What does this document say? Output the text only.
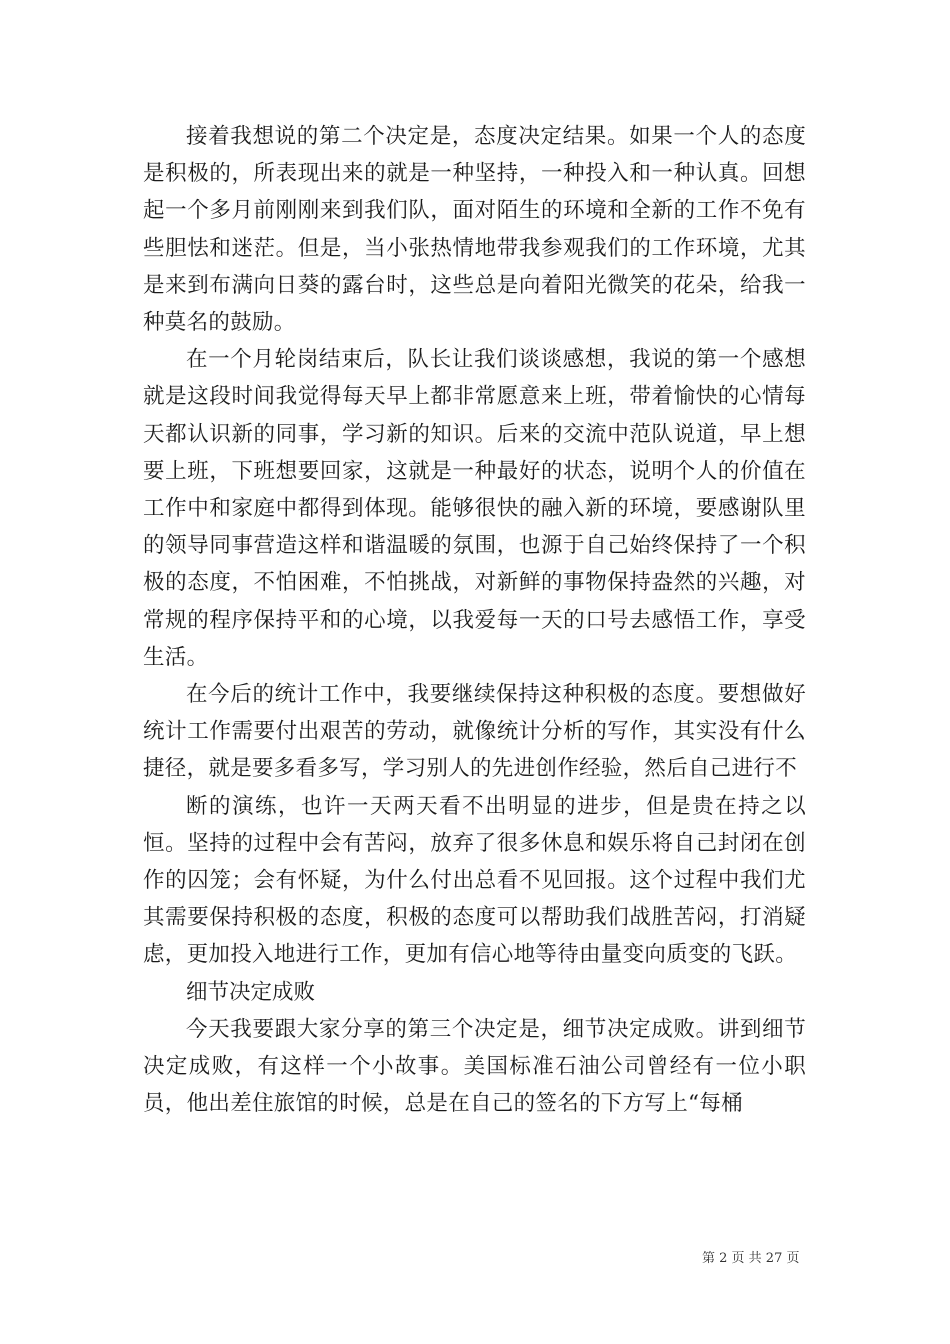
接着我想说的第二个决定是，态度决定结果。如果一个人的态度是积极的，所表现出来的就是一种坚持，一种投入和一种认真。回想起一个多月前刚刚来到我们队，面对陌生的环境和全新的工作不免有些胆怯和迷茫。但是，当小张热情地带我参观我们的工作环境，尤其是来到布满向日葵的露台时，这些总是向着阳光微笑的花朵，给我一种莫名的鼓励。

在一个月轮岗结束后，队长让我们谈谈感想，我说的第一个感想就是这段时间我觉得每天早上都非常愿意来上班，带着愉快的心情每天都认识新的同事，学习新的知识。后来的交流中范队说道，早上想要上班，下班想要回家，这就是一种最好的状态，说明个人的价值在工作中和家庭中都得到体现。能够很快的融入新的环境，要感谢队里的领导同事营造这样和谐温暖的氛围，也源于自己始终保持了一个积极的态度，不怕困难，不怕挑战，对新鲜的事物保持盎然的兴趣，对常规的程序保持平和的心境，以我爱每一天的口号去感悟工作，享受生活。

在今后的统计工作中，我要继续保持这种积极的态度。要想做好统计工作需要付出艰苦的劳动，就像统计分析的写作，其实没有什么捷径，就是要多看多写，学习别人的先进创作经验，然后自己进行不

断的演练，也许一天两天看不出明显的进步，但是贵在持之以恒。坚持的过程中会有苦闷，放弃了很多休息和娱乐将自己封闭在创作的囚笼；会有怀疑，为什么付出总看不见回报。这个过程中我们尤其需要保持积极的态度，积极的态度可以帮助我们战胜苦闷，打消疑虑，更加投入地进行工作，更加有信心地等待由量变向质变的飞跃。

细节决定成败

今天我要跟大家分享的第三个决定是，细节决定成败。讲到细节决定成败，有这样一个小故事。美国标准石油公司曾经有一位小职员，他出差住旅馆的时候，总是在自己的签名的下方写上“每桶

第 2 页 共 27 页
